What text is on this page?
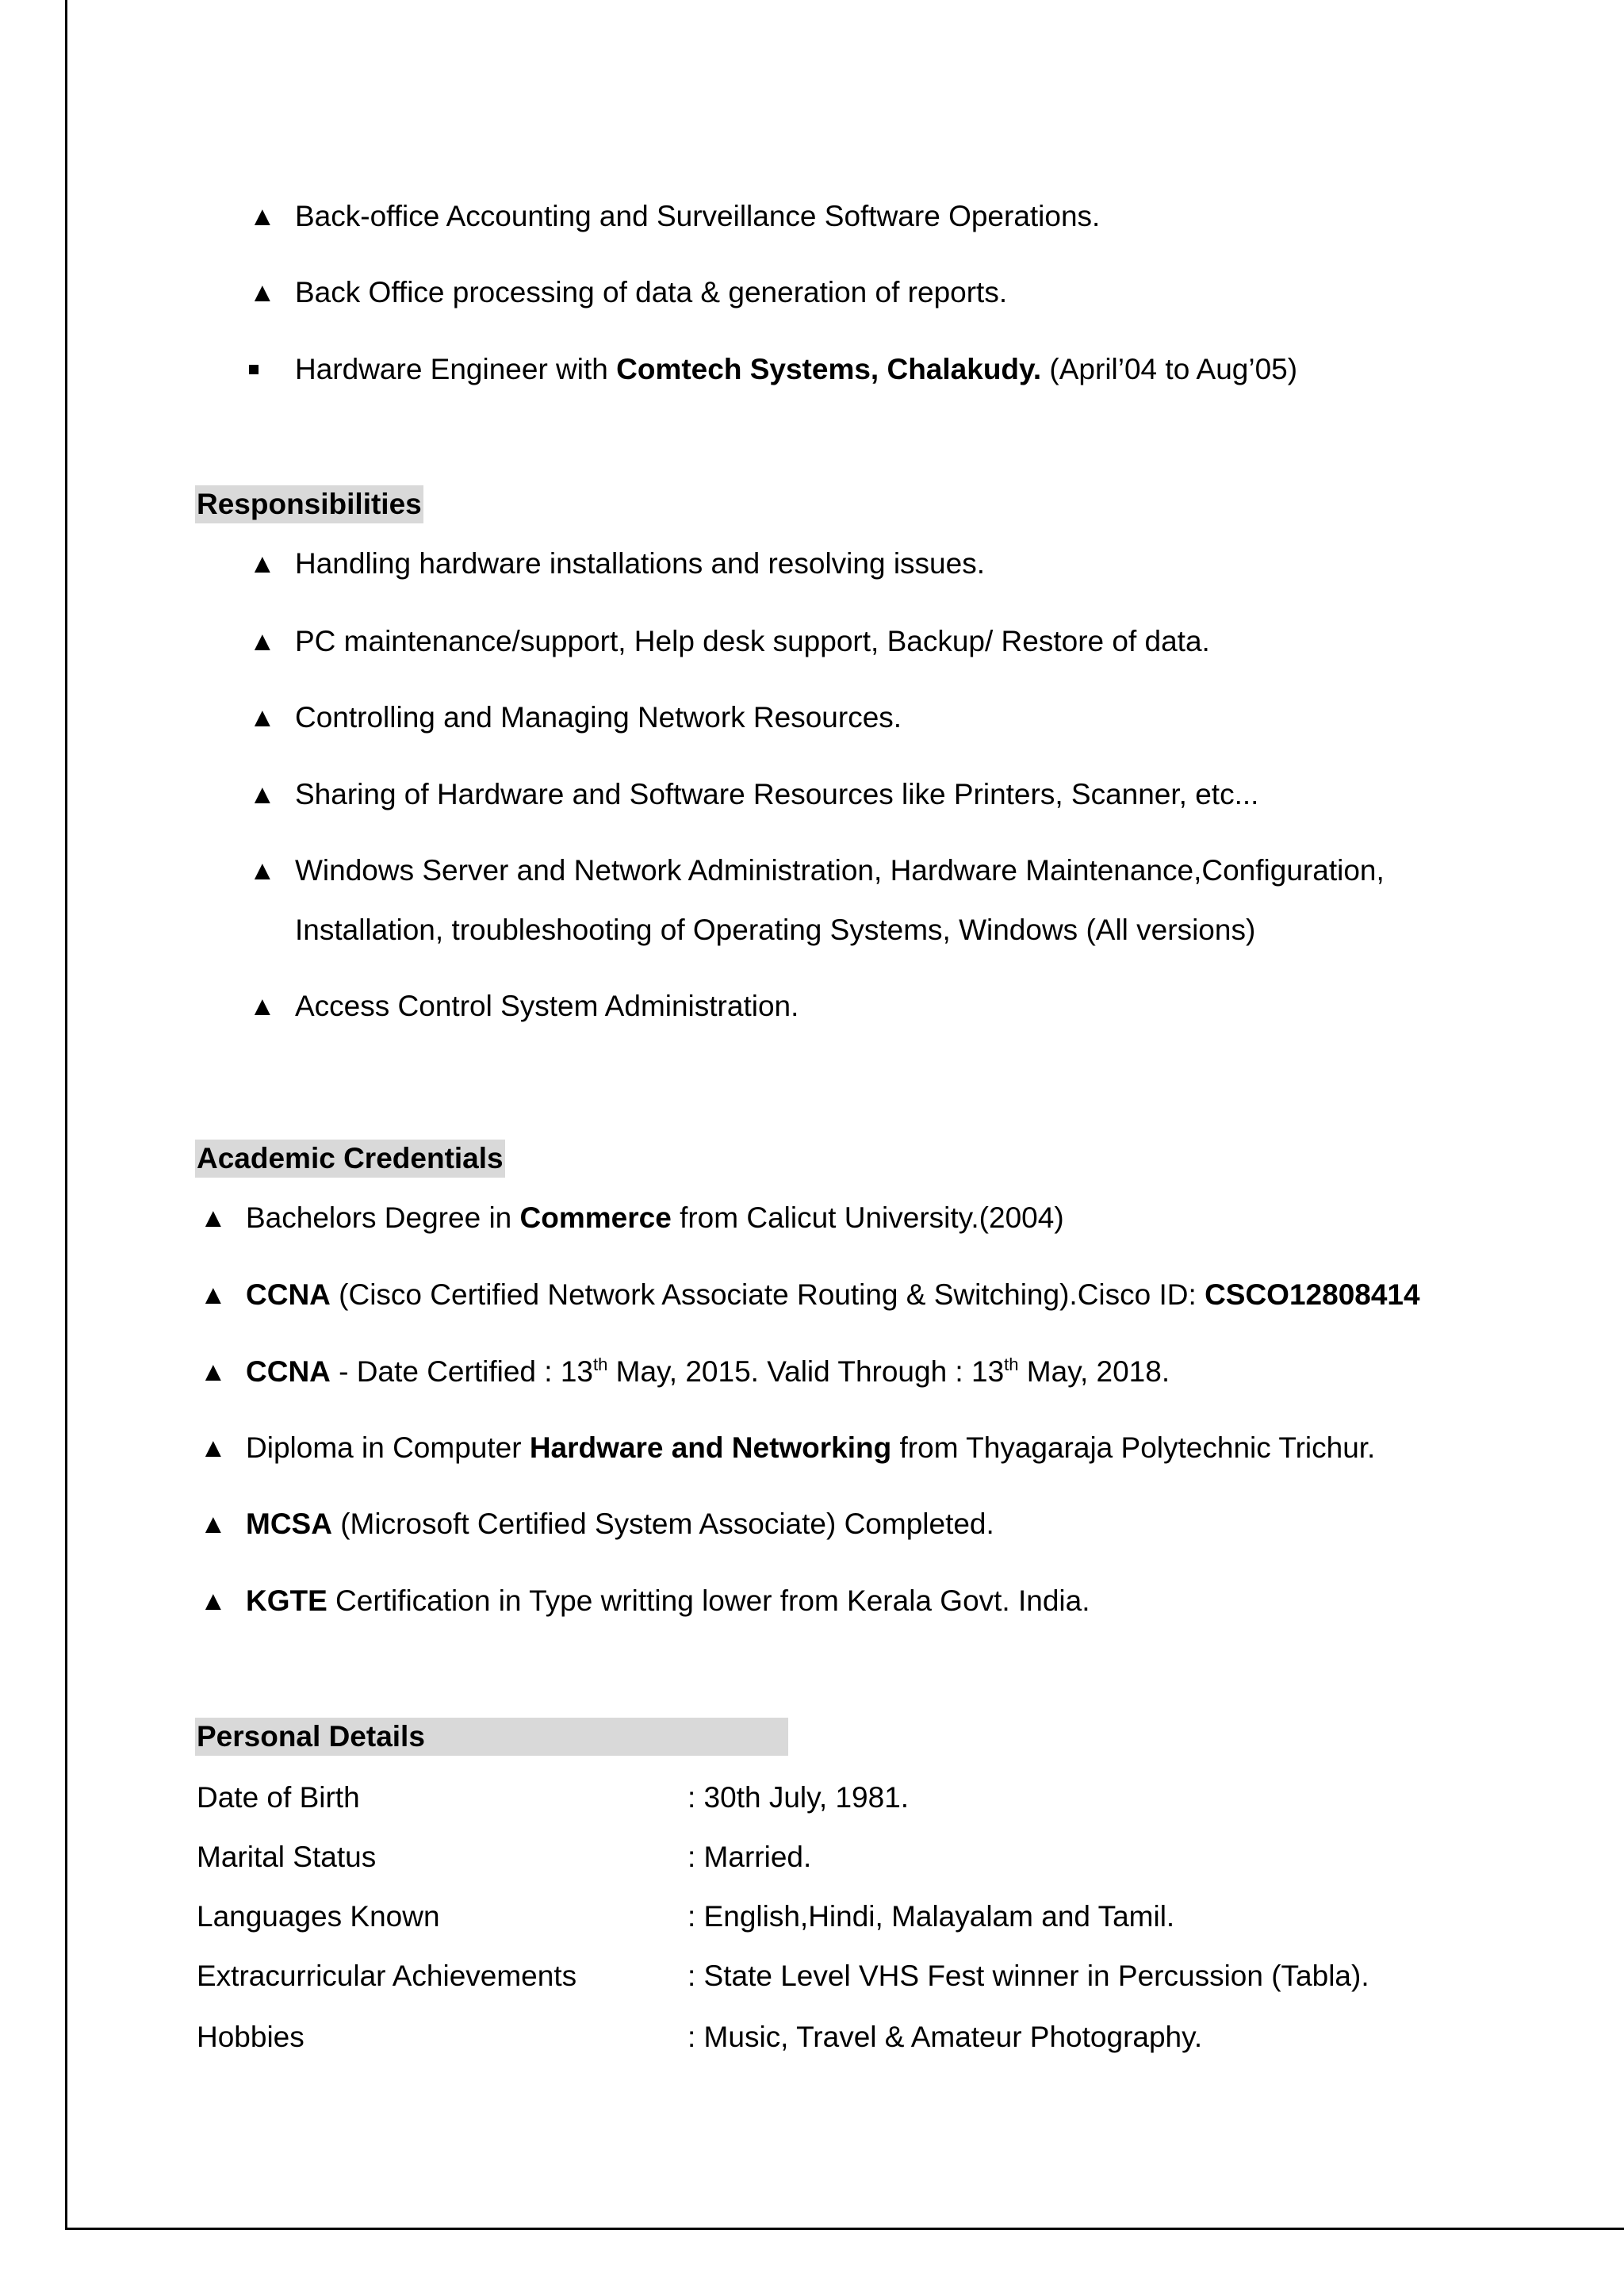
▲ Back-office Accounting and Surveillance Software Operations.
▲ Back Office processing of data & generation of reports.
Hardware Engineer with Comtech Systems, Chalakudy. (April’04 to Aug’05)
Responsibilities
▲ Handling hardware installations and resolving issues.
▲ PC maintenance/support, Help desk support, Backup/ Restore of data.
▲ Controlling and Managing Network Resources.
▲ Sharing of Hardware and Software Resources like Printers, Scanner, etc...
▲ Windows Server and Network Administration, Hardware Maintenance,Configuration,
Installation, troubleshooting of Operating Systems, Windows (All versions)
▲ Access Control System Administration.
Academic Credentials
▲ Bachelors Degree in Commerce from Calicut University.(2004)
▲ CCNA (Cisco Certified Network Associate Routing & Switching).Cisco ID: CSCO12808414
▲ CCNA - Date Certified : 13th May, 2015. Valid Through : 13th May, 2018.
▲ Diploma in Computer Hardware and Networking from Thyagaraja Polytechnic Trichur.
▲ MCSA (Microsoft Certified System Associate) Completed.
▲ KGTE Certification in Type writting lower from Kerala Govt. India.
Personal Details
Date of Birth	: 30th July, 1981.
Marital Status	: Married.
Languages Known	: English,Hindi, Malayalam and Tamil.
Extracurricular Achievements	: State Level VHS Fest winner in Percussion (Tabla).
Hobbies	: Music, Travel & Amateur Photography.
